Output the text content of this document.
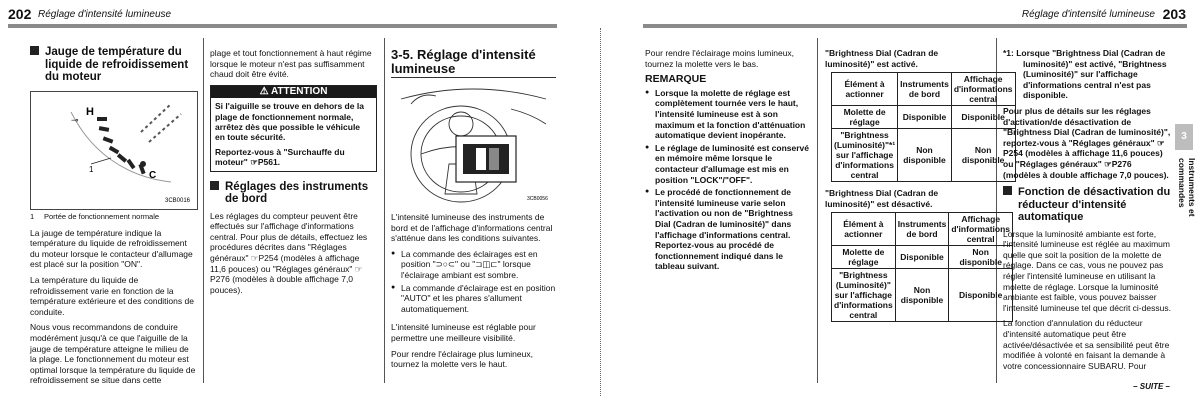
202 Réglage d'intensité lumineuse	Réglage d'intensité lumineuse 203
Jauge de température du liquide de refroidissement du moteur
H
C
1
⊸
3CB0016

1 Portée de fonctionnement normale

La jauge de température indique la température du liquide de refroidissement du moteur lorsque le contacteur d'allumage est placé sur la position "ON".

La température du liquide de refroidissement varie en fonction de la température extérieure et des conditions de conduite.

Nous vous recommandons de conduire modérément jusqu'à ce que l'aiguille de la jauge de température atteigne le milieu de la plage. Le fonctionnement du moteur est optimal lorsque la température du liquide de refroidissement se situe dans cette

plage et tout fonctionnement à haut régime lorsque le moteur n'est pas suffisamment chaud doit être évité.

⚠ ATTENTION

Si l'aiguille se trouve en dehors de la plage de fonctionnement normale, arrêtez dès que possible le véhicule en toute sécurité.

Reportez-vous à "Surchauffe du moteur" ☞P561.

Réglages des instruments de bord

Les réglages du compteur peuvent être effectués sur l'affichage d'informations central. Pour plus de détails, effectuez les procédures décrites dans "Réglages généraux" ☞P254 (modèles à affichage 11,6 pouces) ou "Réglages généraux" ☞P276 (modèles à double affichage 7,0 pouces).

3-5. Réglage d'intensité lumineuse
3CB0056

L'intensité lumineuse des instruments de bord et de l'affichage d'informations central s'atténue dans les conditions suivantes.

● La commande des éclairages est en position "⊃○⊂" ou "⊐◫⊏" lorsque l'éclairage ambiant est sombre.
● La commande d'éclairage est en position "AUTO" et les phares s'allument automatiquement.

L'intensité lumineuse est réglable pour permettre une meilleure visibilité.

Pour rendre l'éclairage plus lumineux, tournez la molette vers le haut.

Pour rendre l'éclairage moins lumineux, tournez la molette vers le bas.

REMARQUE
● Lorsque la molette de réglage est complètement tournée vers le haut, l'intensité lumineuse est à son maximum et la fonction d'atténuation automatique devient inopérante.
● Le réglage de luminosité est conservé en mémoire même lorsque le contacteur d'allumage est mis en position "LOCK"/"OFF".
● Le procédé de fonctionnement de l'intensité lumineuse varie selon l'activation ou non de "Brightness Dial (Cadran de luminosité)" dans l'affichage d'informations central. Reportez-vous au procédé de fonctionnement indiqué dans le tableau suivant.

"Brightness Dial (Cadran de luminosité)" est activé.

Élément à actionner	Instruments de bord	Affichage d'informations central
Molette de réglage	Disponible	Disponible
"Brightness (Luminosité)"*¹ sur l'affichage d'informations central	Non disponible	Non disponible

"Brightness Dial (Cadran de luminosité)" est désactivé.

Élément à actionner	Instruments de bord	Affichage d'informations central
Molette de réglage	Disponible	Non disponible
"Brightness (Luminosité)" sur l'affichage d'informations central	Non disponible	Disponible

*1: Lorsque "Brightness Dial (Cadran de luminosité)" est activé, "Brightness (Luminosité)" sur l'affichage d'informations central n'est pas disponible.

Pour plus de détails sur les réglages d'activation/de désactivation de "Brightness Dial (Cadran de luminosité)", reportez-vous à "Réglages généraux" ☞P254 (modèles à affichage 11,6 pouces) ou "Réglages généraux" ☞P276 (modèles à double affichage 7,0 pouces).

Fonction de désactivation du réducteur d'intensité automatique

Lorsque la luminosité ambiante est forte, l'intensité lumineuse est réglée au maximum quelle que soit la position de la molette de réglage. Dans ce cas, vous ne pouvez pas régler l'intensité lumineuse en utilisant la molette de réglage. Lorsque la luminosité ambiante est faible, vous pouvez baisser l'intensité lumineuse tel que décrit ci-dessus.

La fonction d'annulation du réducteur d'intensité automatique peut être activée/désactivée et sa sensibilité peut être modifiée à volonté en faisant la demande à votre concessionnaire SUBARU. Pour

– SUITE –
3
Instruments et commandes
